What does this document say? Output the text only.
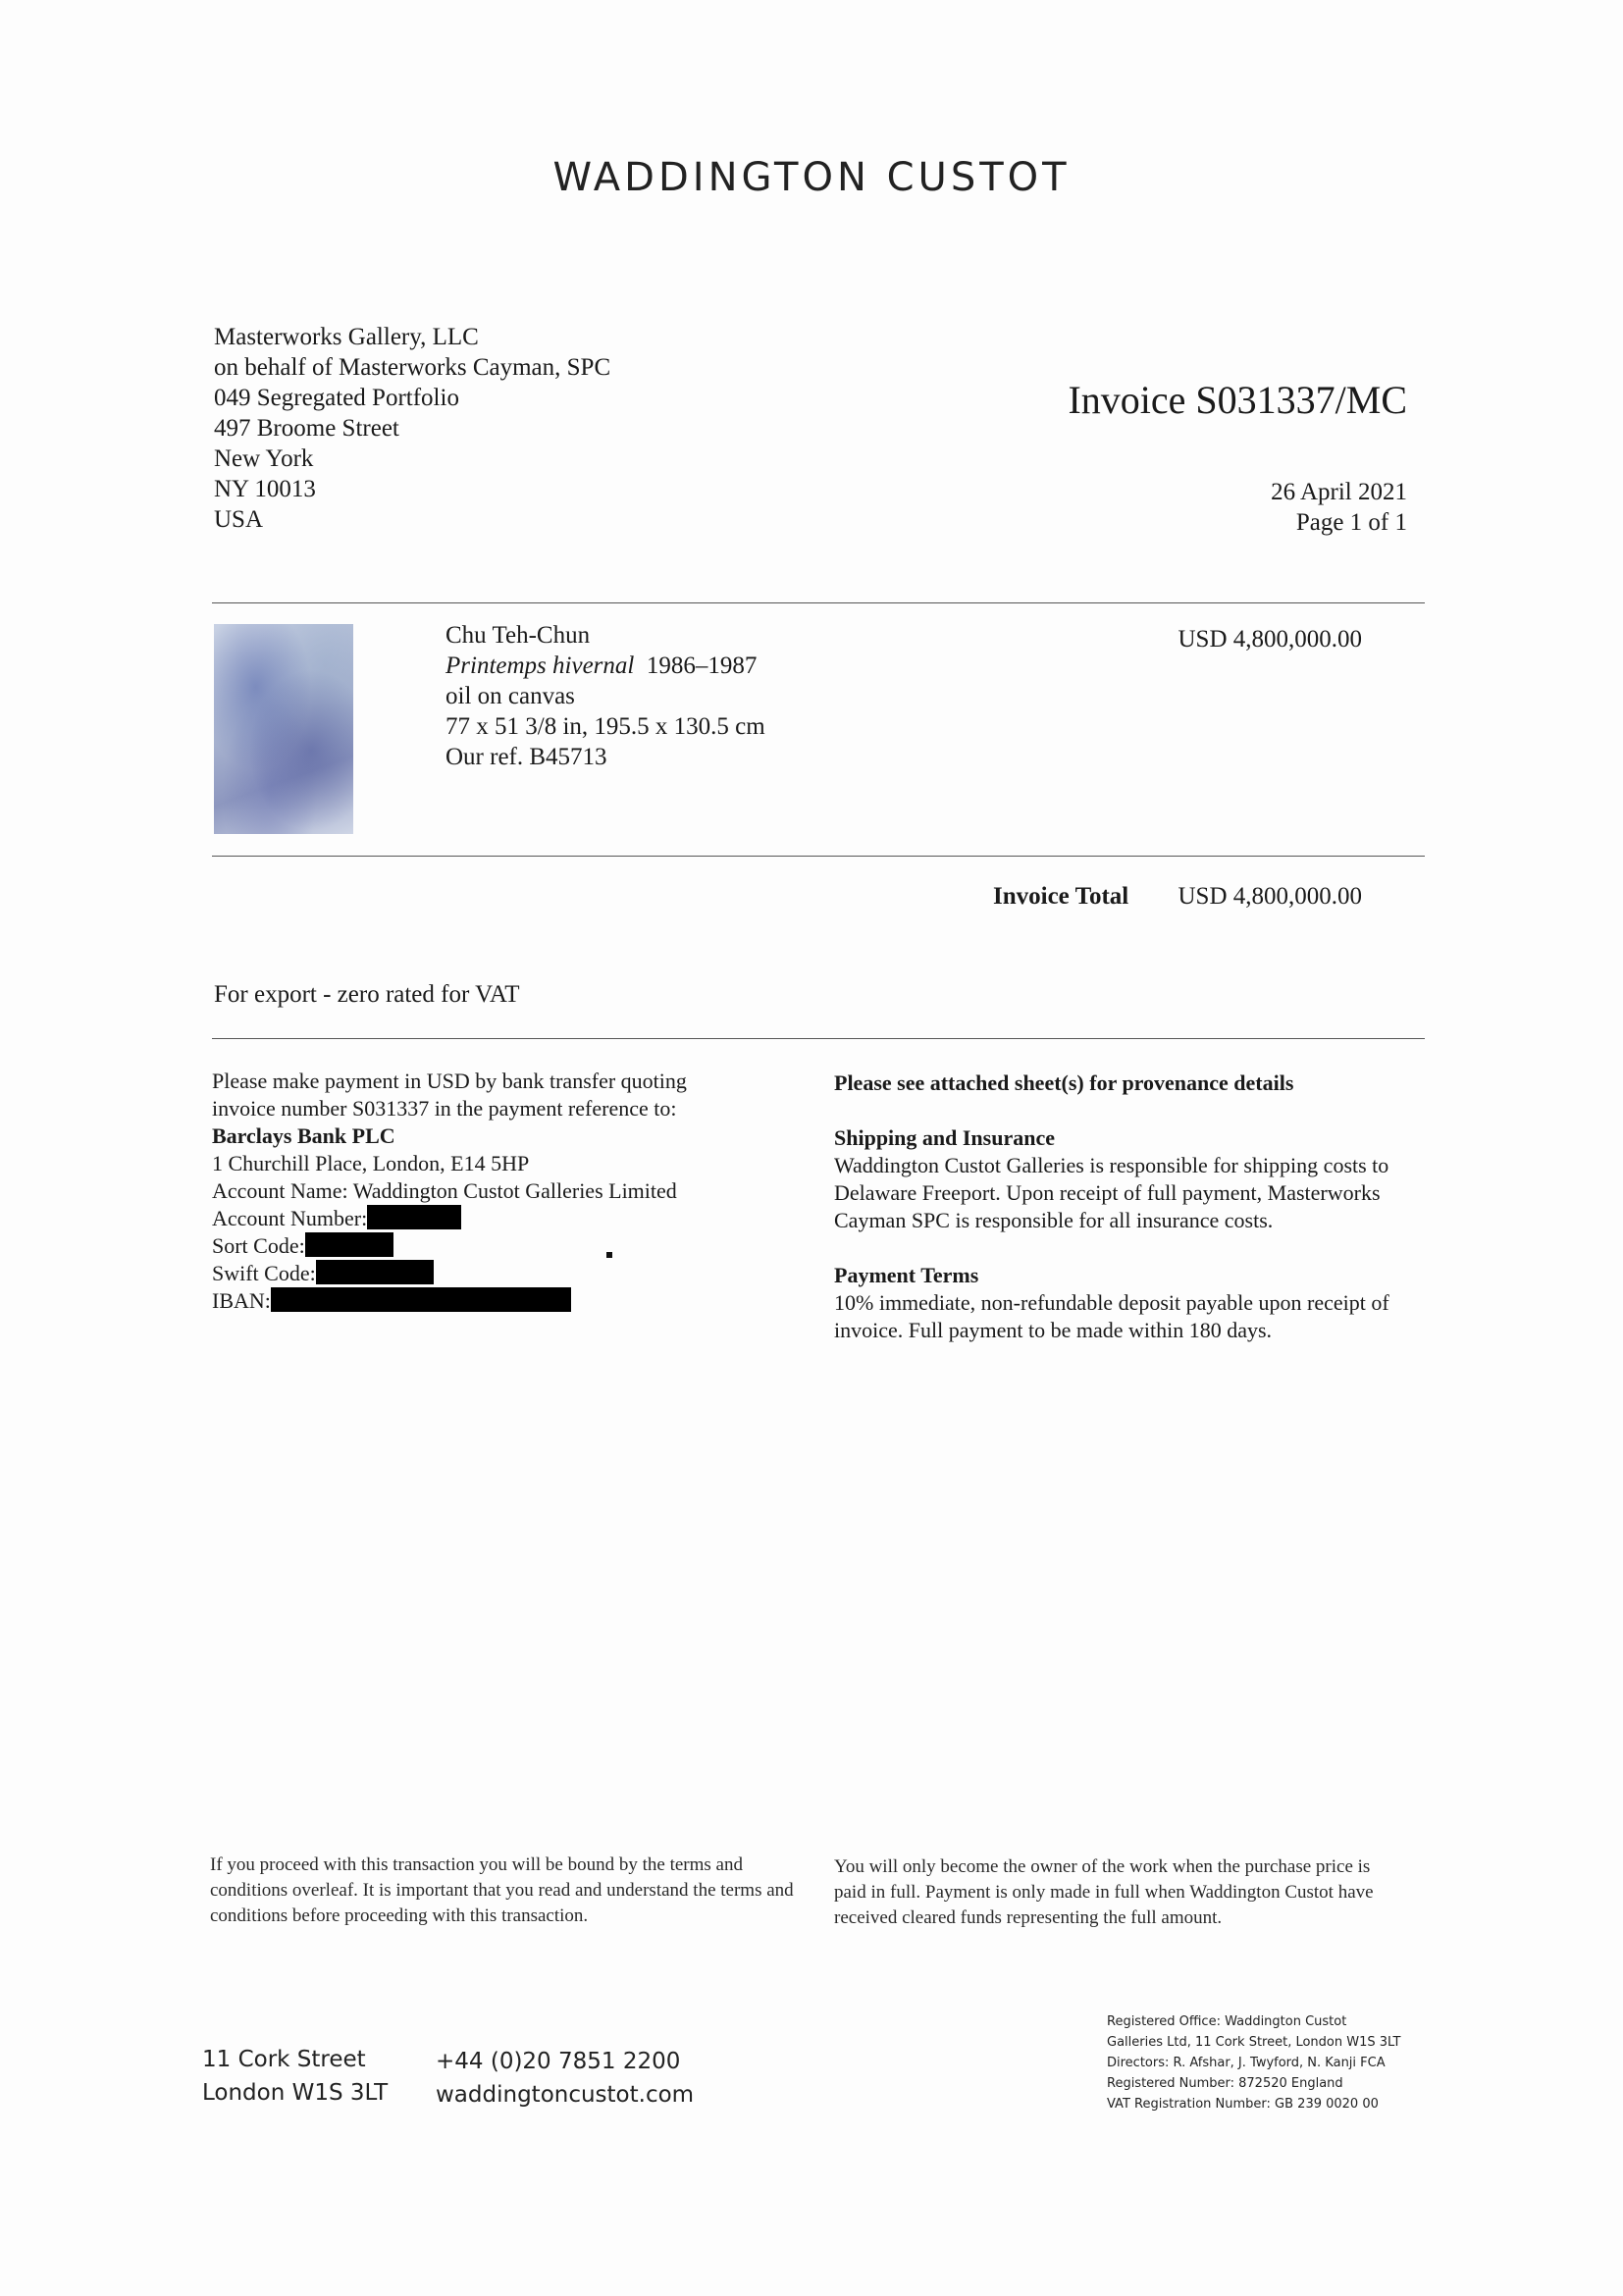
WADDINGTON CUSTOT
Masterworks Gallery, LLC
on behalf of Masterworks Cayman, SPC
049 Segregated Portfolio
497 Broome Street
New York
NY 10013
USA
Invoice S031337/MC
26 April 2021
Page 1 of 1
Chu Teh-Chun
Printemps hivernal 1986–1987
oil on canvas
77 x 51 3/8 in, 195.5 x 130.5 cm
Our ref. B45713
USD 4,800,000.00
Invoice Total USD 4,800,000.00
For export - zero rated for VAT
Please make payment in USD by bank transfer quoting
invoice number S031337 in the payment reference to:
Barclays Bank PLC
1 Churchill Place, London, E14 5HP
Account Name: Waddington Custot Galleries Limited
Account Number:
Sort Code:
Swift Code:
IBAN:

Please see attached sheet(s) for provenance details

Shipping and Insurance

Waddington Custot Galleries is responsible for shipping costs to Delaware Freeport. Upon receipt of full payment, Masterworks Cayman SPC is responsible for all insurance costs.

Payment Terms

10% immediate, non-refundable deposit payable upon receipt of invoice. Full payment to be made within 180 days.

If you proceed with this transaction you will be bound by the terms and conditions overleaf. It is important that you read and understand the terms and conditions before proceeding with this transaction.
You will only become the owner of the work when the purchase price is paid in full. Payment is only made in full when Waddington Custot have received cleared funds representing the full amount.
11 Cork Street
London W1S 3LT
+44 (0)20 7851 2200
waddingtoncustot.com
Registered Office: Waddington Custot
Galleries Ltd, 11 Cork Street, London W1S 3LT
Directors: R. Afshar, J. Twyford, N. Kanji FCA
Registered Number: 872520 England
VAT Registration Number: GB 239 0020 00
